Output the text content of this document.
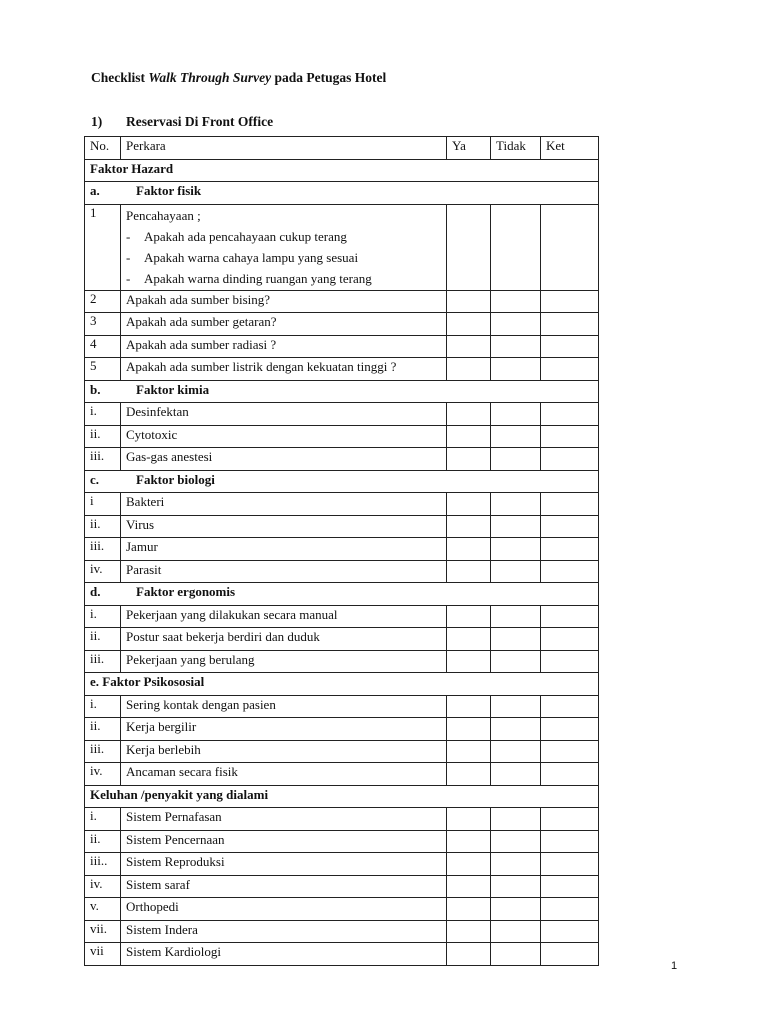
Checklist Walk Through Survey pada Petugas Hotel
1) Reservasi Di Front Office
No.	Perkara	Ya	Tidak	Ket
Faktor Hazard				
a. Faktor fisik				
1	Pencahayaan ;
- Apakah ada pencahayaan cukup terang
- Apakah warna cahaya lampu yang sesuai
- Apakah warna dinding ruangan yang terang			

2	Apakah ada sumber bising?			
3	Apakah ada sumber getaran?			
4	Apakah ada sumber radiasi ?			
5	Apakah ada sumber listrik dengan kekuatan tinggi ?			
b. Faktor kimia				
i.	Desinfektan			
ii.	Cytotoxic			
iii.	Gas-gas anestesi			
c. Faktor biologi				
i	Bakteri			
ii.	Virus			
iii.	Jamur			
iv.	Parasit			
d. Faktor ergonomis				
i.	Pekerjaan yang dilakukan secara manual			
ii.	Postur saat bekerja berdiri dan duduk			
iii.	Pekerjaan yang berulang			
e. Faktor Psikososial				
i.	Sering kontak dengan pasien			
ii.	Kerja bergilir			
iii.	Kerja berlebih			
iv.	Ancaman secara fisik			
Keluhan /penyakit yang dialami				
i.	Sistem Pernafasan			
ii.	Sistem Pencernaan			
iii..	Sistem Reproduksi			
iv.	Sistem saraf			
v.	Orthopedi			
vii.	Sistem Indera			
vii	Sistem Kardiologi			
1
